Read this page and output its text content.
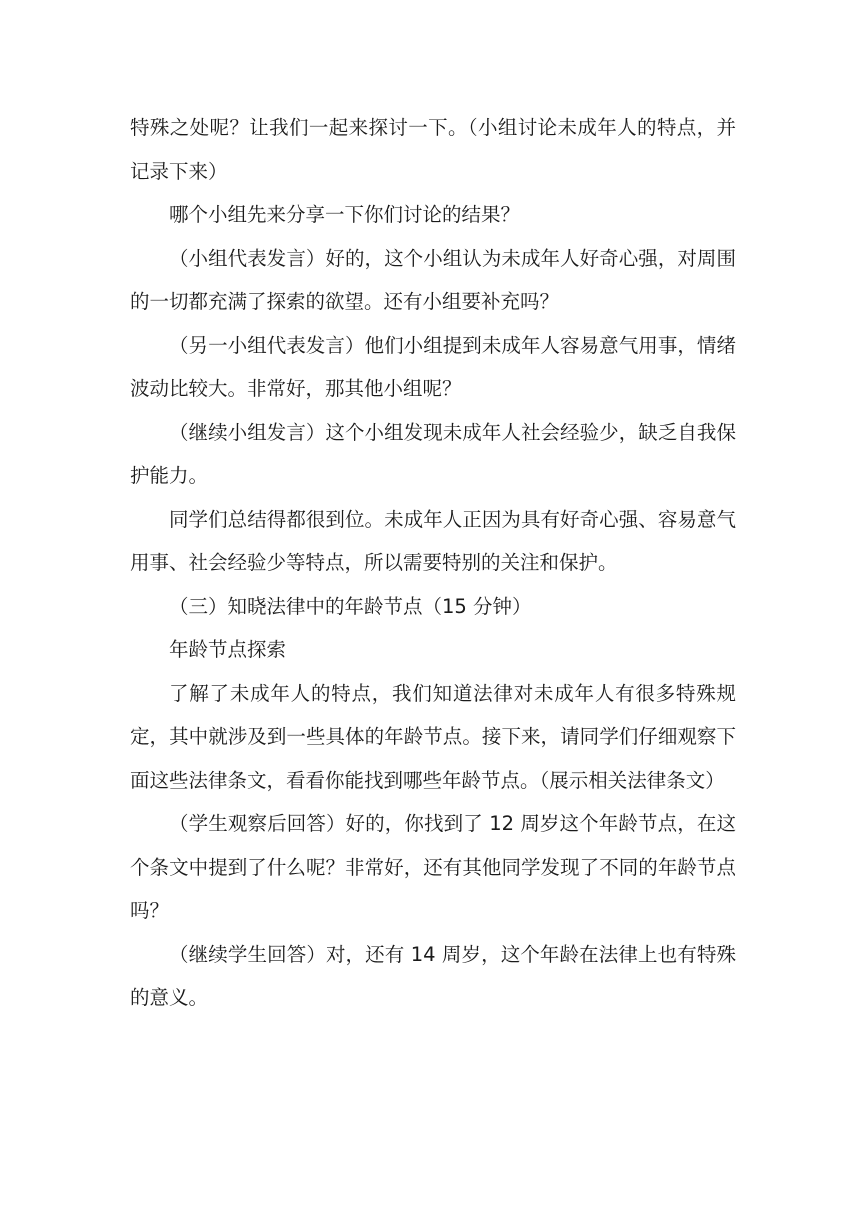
特殊之处呢？让我们一起来探讨一下。（小组讨论未成年人的特点，并记录下来）

哪个小组先来分享一下你们讨论的结果？

（小组代表发言）好的，这个小组认为未成年人好奇心强，对周围的一切都充满了探索的欲望。还有小组要补充吗？

（另一小组代表发言）他们小组提到未成年人容易意气用事，情绪波动比较大。非常好，那其他小组呢？

（继续小组发言）这个小组发现未成年人社会经验少，缺乏自我保护能力。

同学们总结得都很到位。未成年人正因为具有好奇心强、容易意气用事、社会经验少等特点，所以需要特别的关注和保护。

（三）知晓法律中的年龄节点（15 分钟）

年龄节点探索

了解了未成年人的特点，我们知道法律对未成年人有很多特殊规定，其中就涉及到一些具体的年龄节点。接下来，请同学们仔细观察下面这些法律条文，看看你能找到哪些年龄节点。（展示相关法律条文）

（学生观察后回答）好的，你找到了 12 周岁这个年龄节点，在这个条文中提到了什么呢？非常好，还有其他同学发现了不同的年龄节点吗？

（继续学生回答）对，还有 14 周岁，这个年龄在法律上也有特殊的意义。
